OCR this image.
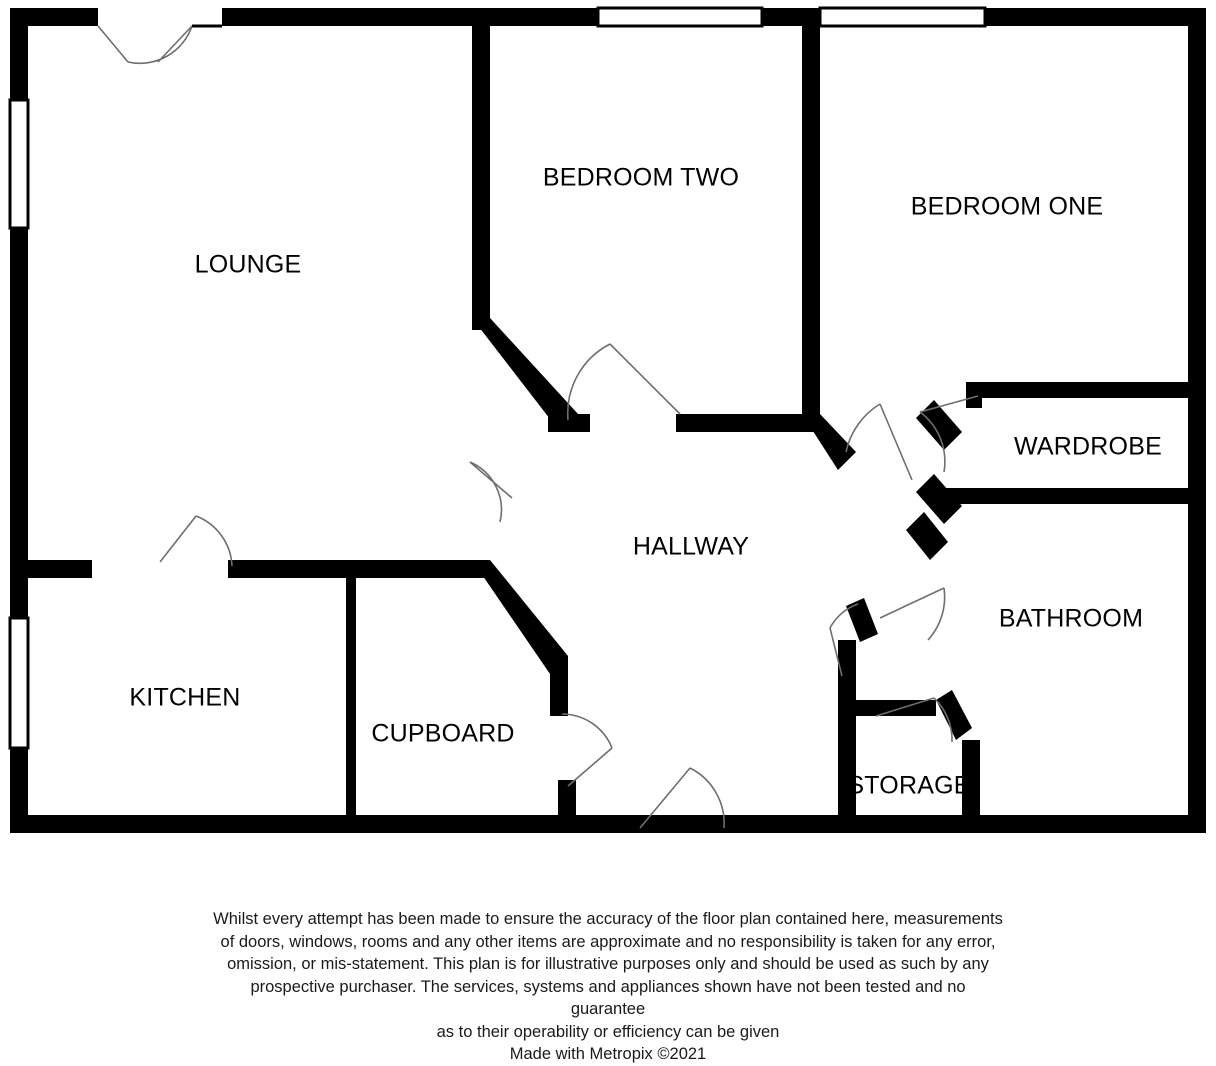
LOUNGE
BEDROOM TWO
BEDROOM ONE
WARDROBE
HALLWAY
BATHROOM
KITCHEN
CUPBOARD
STORAGE

Whilst every attempt has been made to ensure the accuracy of the floor plan contained here, measurements

of doors, windows, rooms and any other items are approximate and no responsibility is taken for any error,

omission, or mis-statement. This plan is for illustrative purposes only and should be used as such by any

prospective purchaser. The services, systems and appliances shown have not been tested and no guarantee

as to their operability or efficiency can be given

Made with Metropix ©2021
